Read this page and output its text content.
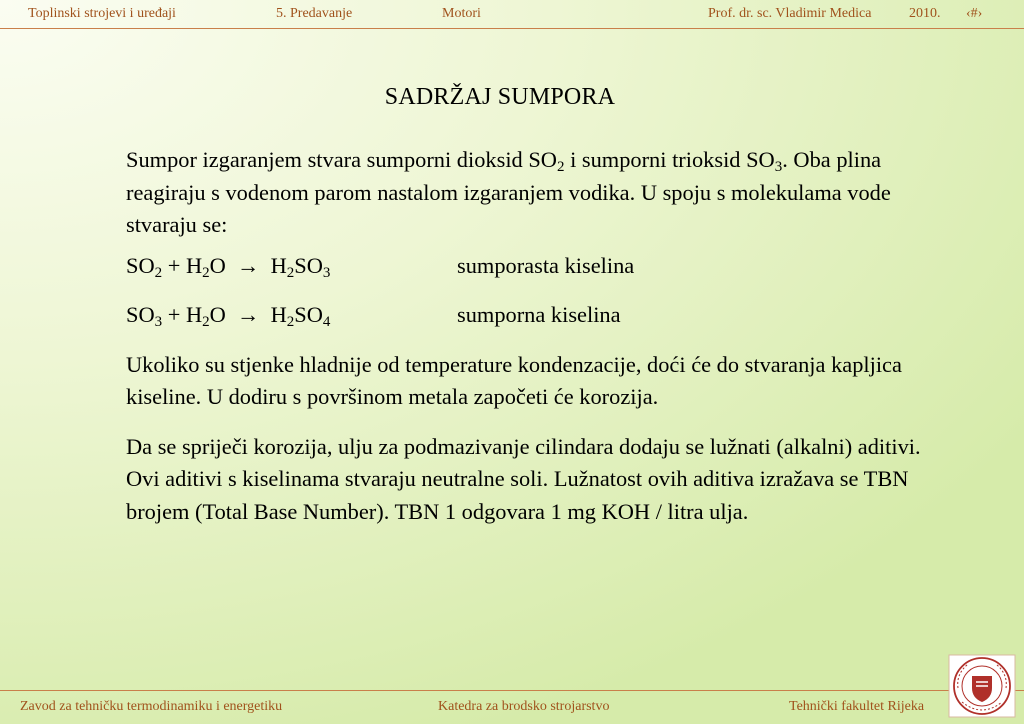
Toplinski strojevi i uređaji	5. Predavanje	Motori	Prof. dr. sc. Vladimir Medica	2010. ‹#›
SADRŽAJ SUMPORA

Sumpor izgaranjem stvara sumporni dioksid $SO_2$ i sumporni trioksid $SO_3$. Oba plina reagiraju s vodenom parom nastalom izgaranjem vodika. U spoju s molekulama vode stvaraju se:

$SO_2 + H_2O \to H_2SO_3$	sumporasta kiselina
$SO_3 + H_2O \to H_2SO_4$	sumporna kiselina

Ukoliko su stjenke hladnije od temperature kondenzacije, doći će do stvaranja kapljica kiseline. U dodiru s površinom metala započeti će korozija.

Da se spriječi korozija, ulju za podmazivanje cilindara dodaju se lužnati (alkalni) aditivi. Ovi aditivi s kiselinama stvaraju neutralne soli. Lužnatost ovih aditiva izražava se TBN brojem (Total Base Number). TBN 1 odgovara 1 mg KOH / litra ulja.

Zavod za tehničku termodinamiku i energetiku	Katedra za brodsko strojarstvo	Tehnički fakultet Rijeka
